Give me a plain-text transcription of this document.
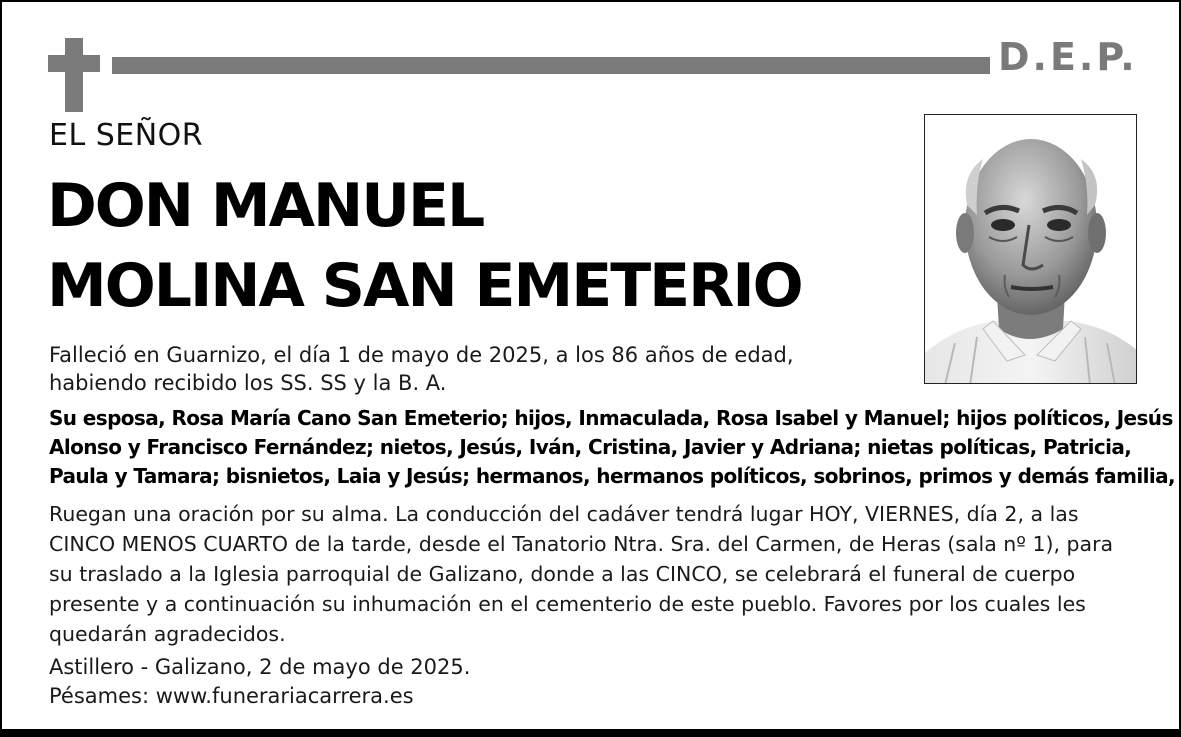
D.E.P.
EL SEÑOR
DON MANUEL
MOLINA SAN EMETERIO
Falleció en Guarnizo, el día 1 de mayo de 2025, a los 86 años de edad,
habiendo recibido los SS. SS y la B. A.
Su esposa, Rosa María Cano San Emeterio; hijos, Inmaculada, Rosa Isabel y Manuel; hijos políticos, Jesús
Alonso y Francisco Fernández; nietos, Jesús, Iván, Cristina, Javier y Adriana; nietas políticas, Patricia,
Paula y Tamara; bisnietos, Laia y Jesús; hermanos, hermanos políticos, sobrinos, primos y demás familia,
Ruegan una oración por su alma. La conducción del cadáver tendrá lugar HOY, VIERNES, día 2, a las
CINCO MENOS CUARTO de la tarde, desde el Tanatorio Ntra. Sra. del Carmen, de Heras (sala nº 1), para
su traslado a la Iglesia parroquial de Galizano, donde a las CINCO, se celebrará el funeral de cuerpo
presente y a continuación su inhumación en el cementerio de este pueblo. Favores por los cuales les
quedarán agradecidos.
Astillero - Galizano, 2 de mayo de 2025.
Pésames: www.funerariacarrera.es
